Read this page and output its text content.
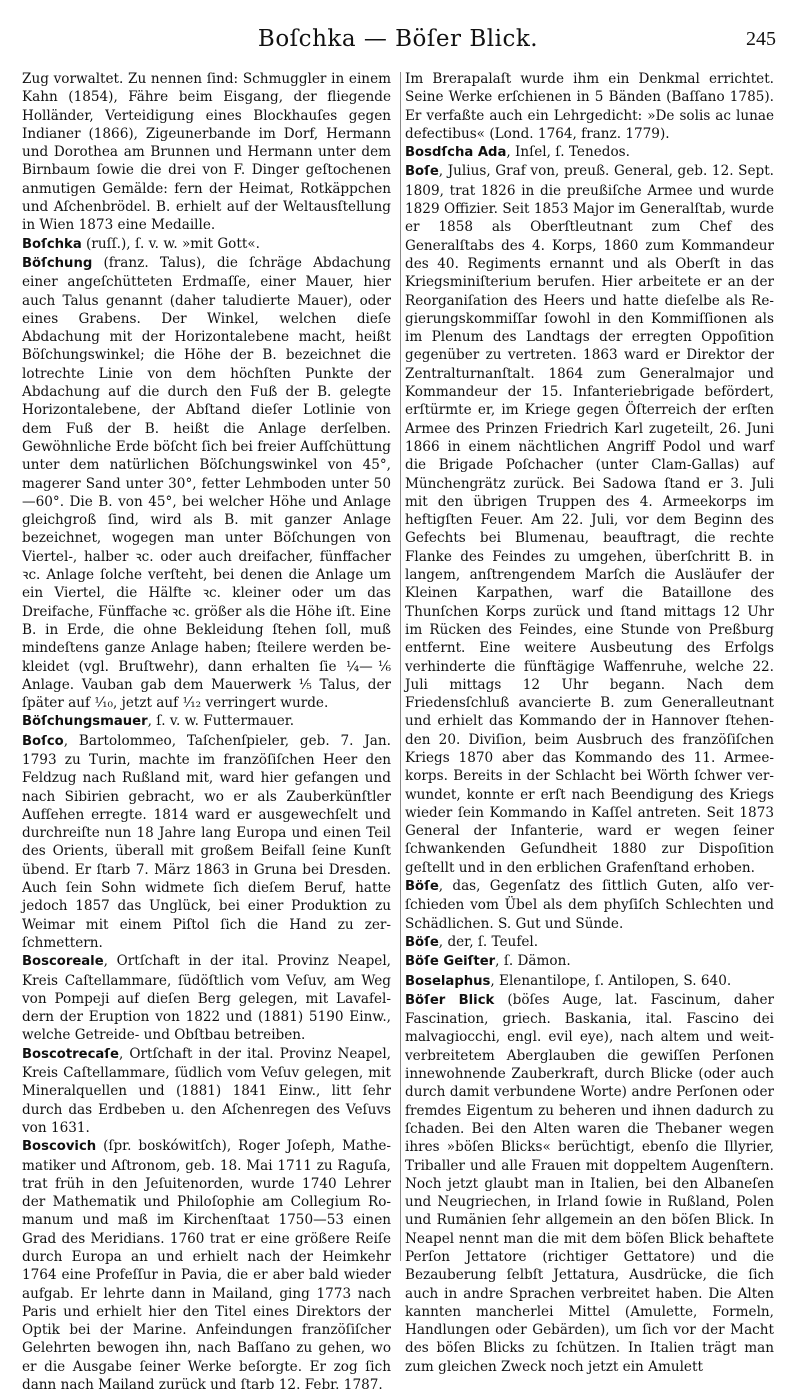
Boſchka — Böſer Blick.	245

Zug vorwaltet. Zu nennen ſind: Schmuggler in einem Kahn (1854), Fähre beim Eisgang, der fliegende Holländer, Verteidigung eines Blockhauſes gegen Indianer (1866), Zigeunerbande im Dorf, Hermann und Dorothea am Brunnen und Hermann unter dem Birnbaum ſowie die drei von F. Dinger geſtochenen anmutigen Gemälde: fern der Heimat, Rotkäppchen und Aſchenbrödel. B. erhielt auf der Weltausſtellung in Wien 1873 eine Medaille.

Boſchka (ruſſ.), ſ. v. w. »mit Gott«.

Böſchung (franz. Talus), die ſchräge Abdachung einer angeſchütteten Erdmaſſe, einer Mauer, hier auch Talus genannt (daher taludierte Mauer), oder eines Grabens. Der Winkel, welchen dieſe Abdachung mit der Horizontalebene macht, heißt Böſchungswinkel; die Höhe der B. bezeichnet die lotrechte Linie von dem höchſten Punkte der Abdachung auf die durch den Fuß der B. gelegte Horizontalebene, der Abſtand dieſer Lotlinie von dem Fuß der B. heißt die Anlage derſelben. Gewöhnliche Erde böſcht ſich bei freier Aufſchüttung unter dem natürlichen Böſchungswinkel von 45°, magerer Sand unter 30°, fetter Lehmboden unter 50—60°. Die B. von 45°, bei welcher Höhe und Anlage gleichgroß ſind, wird als B. mit ganzer Anlage bezeichnet, wogegen man unter Böſchungen von Viertel-, halber ꝛc. oder auch dreifacher, fünffacher ꝛc. Anlage ſolche verſteht, bei denen die Anlage um ein Viertel, die Hälfte ꝛc. kleiner oder um das Dreifache, Fünffache ꝛc. größer als die Höhe iſt. Eine B. in Erde, die ohne Bekleidung ſtehen ſoll, muß mindeſtens ganze Anlage haben; ſteilere werden bekleidet (vgl. Bruſtwehr), dann erhalten ſie ¼—⅙ Anlage. Vauban gab dem Mauerwerk ⅕ Talus, der ſpäter auf ¹⁄₁₀, jetzt auf ¹⁄₁₂ verringert wurde.

Böſchungsmauer, ſ. v. w. Futtermauer.

Boſco, Bartolommeo, Taſchenſpieler, geb. 7. Jan. 1793 zu Turin, machte im franzöſiſchen Heer den Feldzug nach Rußland mit, ward hier gefangen und nach Sibirien gebracht, wo er als Zauberkünſtler Aufſehen erregte. 1814 ward er ausgewechſelt und durchreiſte nun 18 Jahre lang Europa und einen Teil des Orients, überall mit großem Beifall ſeine Kunſt übend. Er ſtarb 7. März 1863 in Gruna bei Dresden. Auch ſein Sohn widmete ſich dieſem Beruf, hatte jedoch 1857 das Unglück, bei einer Produktion zu Weimar mit einem Piſtol ſich die Hand zu zerſchmettern.

Boscoreale, Ortſchaft in der ital. Provinz Neapel, Kreis Caſtellammare, ſüdöſtlich vom Veſuv, am Weg von Pompeji auf dieſen Berg gelegen, mit Lavafeldern der Eruption von 1822 und (1881) 5190 Einw., welche Getreide- und Obſtbau betreiben.

Boscotrecaſe, Ortſchaft in der ital. Provinz Neapel, Kreis Caſtellammare, ſüdlich vom Veſuv gelegen, mit Mineralquellen und (1881) 1841 Einw., litt ſehr durch das Erdbeben u. den Aſchenregen des Veſuvs von 1631.

Boscovich (ſpr. boskówitſch), Roger Joſeph, Mathematiker und Aſtronom, geb. 18. Mai 1711 zu Raguſa, trat früh in den Jeſuitenorden, wurde 1740 Lehrer der Mathematik und Philoſophie am Collegium Romanum und maß im Kirchenſtaat 1750—53 einen Grad des Meridians. 1760 trat er eine größere Reiſe durch Europa an und erhielt nach der Heimkehr 1764 eine Profeſſur in Pavia, die er aber bald wieder aufgab. Er lehrte dann in Mailand, ging 1773 nach Paris und erhielt hier den Titel eines Direktors der Optik bei der Marine. Anfeindungen franzöſiſcher Gelehrten bewogen ihn, nach Baſſano zu gehen, wo er die Ausgabe ſeiner Werke beſorgte. Er zog ſich dann nach Mailand zurück und ſtarb 12. Febr. 1787.

Im Brerapalaſt wurde ihm ein Denkmal errichtet. Seine Werke erſchienen in 5 Bänden (Baſſano 1785). Er verfaßte auch ein Lehrgedicht: »De solis ac lunae defectibus« (Lond. 1764, franz. 1779).

Bosdſcha Ada, Inſel, ſ. Tenedos.

Boſe, Julius, Graf von, preuß. General, geb. 12. Sept. 1809, trat 1826 in die preußiſche Armee und wurde 1829 Offizier. Seit 1853 Major im Generalſtab, wurde er 1858 als Oberſtleutnant zum Chef des Generalſtabs des 4. Korps, 1860 zum Kommandeur des 40. Regiments ernannt und als Oberſt in das Kriegsminiſterium berufen. Hier arbeitete er an der Reorganiſation des Heers und hatte dieſelbe als Regierungskommiſſar ſowohl in den Kommiſſionen als im Plenum des Landtags der erregten Oppoſition gegenüber zu vertreten. 1863 ward er Direktor der Zentralturnanſtalt. 1864 zum Generalmajor und Kommandeur der 15. Infanteriebrigade befördert, erſtürmte er, im Kriege gegen Öſterreich der erſten Armee des Prinzen Friedrich Karl zugeteilt, 26. Juni 1866 in einem nächtlichen Angriff Podol und warf die Brigade Poſchacher (unter Clam-Gallas) auf Münchengrätz zurück. Bei Sadowa ſtand er 3. Juli mit den übrigen Truppen des 4. Armeekorps im heftigſten Feuer. Am 22. Juli, vor dem Beginn des Gefechts bei Blumenau, beauftragt, die rechte Flanke des Feindes zu umgehen, überſchritt B. in langem, anſtrengendem Marſch die Ausläufer der Kleinen Karpathen, warf die Bataillone des Thunſchen Korps zurück und ſtand mittags 12 Uhr im Rücken des Feindes, eine Stunde von Preßburg entfernt. Eine weitere Ausbeutung des Erfolgs verhinderte die fünftägige Waffenruhe, welche 22. Juli mittags 12 Uhr begann. Nach dem Friedensſchluß avancierte B. zum Generalleutnant und erhielt das Kommando der in Hannover ſtehenden 20. Diviſion, beim Ausbruch des franzöſiſchen Kriegs 1870 aber das Kommando des 11. Armeekorps. Bereits in der Schlacht bei Wörth ſchwer verwundet, konnte er erſt nach Beendigung des Kriegs wieder ſein Kommando in Kaſſel antreten. Seit 1873 General der Infanterie, ward er wegen ſeiner ſchwankenden Geſundheit 1880 zur Dispoſition geſtellt und in den erblichen Grafenſtand erhoben.

Böſe, das, Gegenſatz des ſittlich Guten, alſo verſchieden vom Übel als dem phyſiſch Schlechten und Schädlichen. S. Gut und Sünde.

Böſe, der, ſ. Teufel.

Böſe Geiſter, ſ. Dämon.

Boselaphus, Elenantilope, ſ. Antilopen, S. 640.

Böſer Blick (böſes Auge, lat. Fascinum, daher Fascination, griech. Baskania, ital. Fascino dei malvagiocchi, engl. evil eye), nach altem und weitverbreitetem Aberglauben die gewiſſen Perſonen innewohnende Zauberkraft, durch Blicke (oder auch durch damit verbundene Worte) andre Perſonen oder fremdes Eigentum zu beheren und ihnen dadurch zu ſchaden. Bei den Alten waren die Thebaner wegen ihres »böſen Blicks« berüchtigt, ebenſo die Illyrier, Triballer und alle Frauen mit doppeltem Augenſtern. Noch jetzt glaubt man in Italien, bei den Albaneſen und Neugriechen, in Irland ſowie in Rußland, Polen und Rumänien ſehr allgemein an den böſen Blick. In Neapel nennt man die mit dem böſen Blick behaftete Perſon Jettatore (richtiger Gettatore) und die Bezauberung ſelbſt Jettatura, Ausdrücke, die ſich auch in andre Sprachen verbreitet haben. Die Alten kannten mancherlei Mittel (Amulette, Formeln, Handlungen oder Gebärden), um ſich vor der Macht des böſen Blicks zu ſchützen. In Italien trägt man zum gleichen Zweck noch jetzt ein Amulett
